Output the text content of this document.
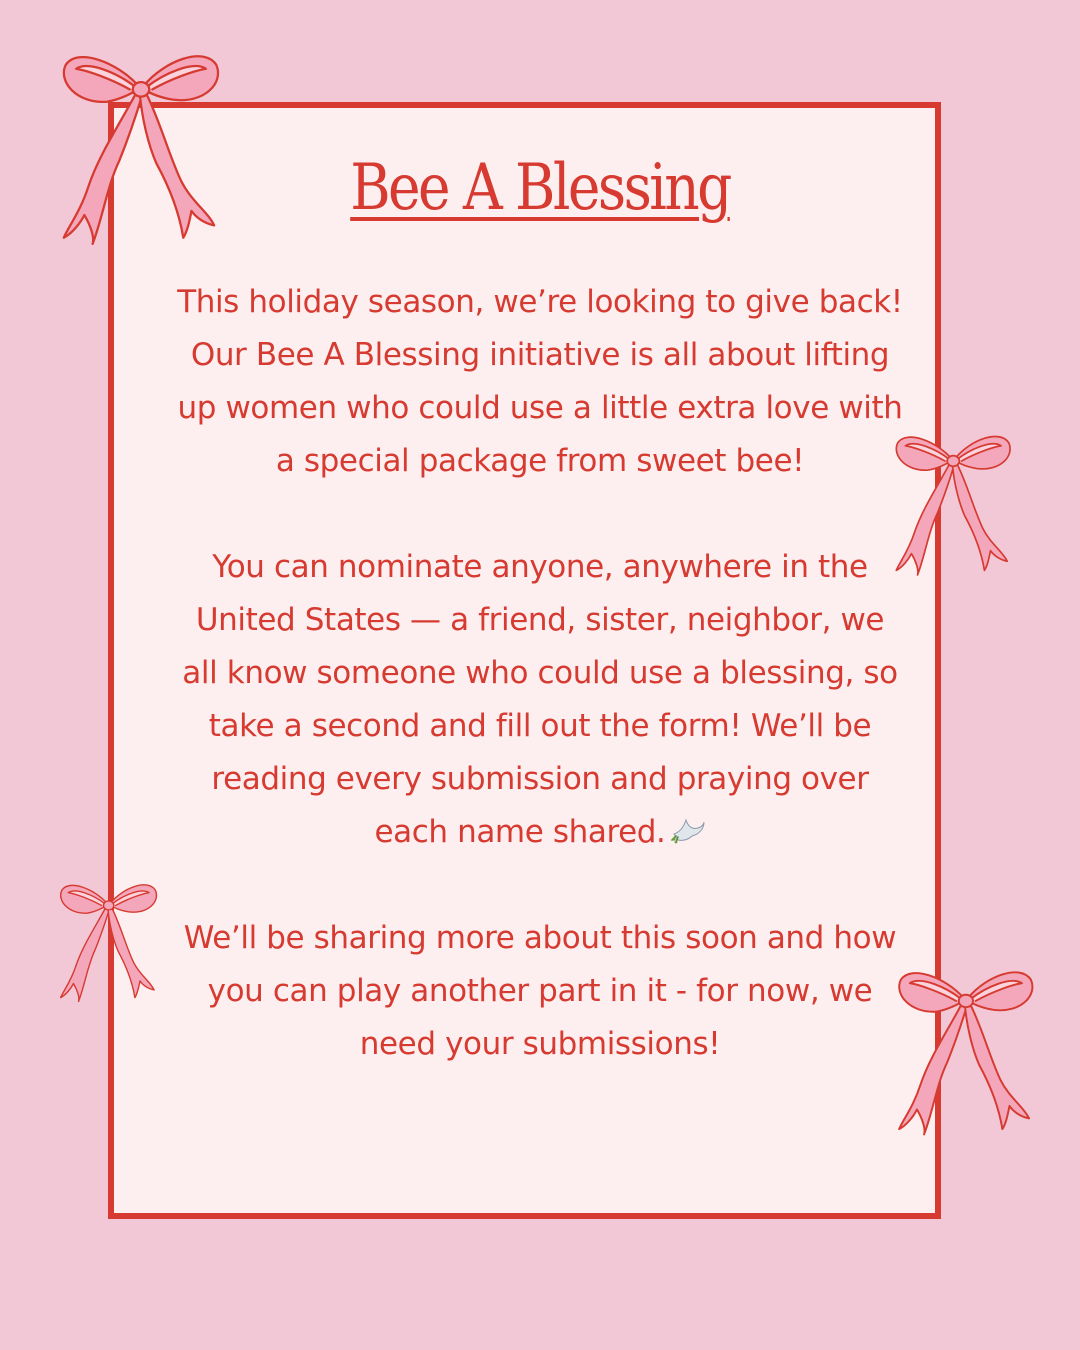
Bee A Blessing

This holiday season, we’re looking to give back! Our Bee A Blessing initiative is all about lifting up women who could use a little extra love with a special package from sweet bee!

You can nominate anyone, anywhere in the United States — a friend, sister, neighbor, we all know someone who could use a blessing, so take a second and fill out the form! We’ll be reading every submission and praying over each name shared.

We’ll be sharing more about this soon and how you can play another part in it - for now, we need your submissions!
